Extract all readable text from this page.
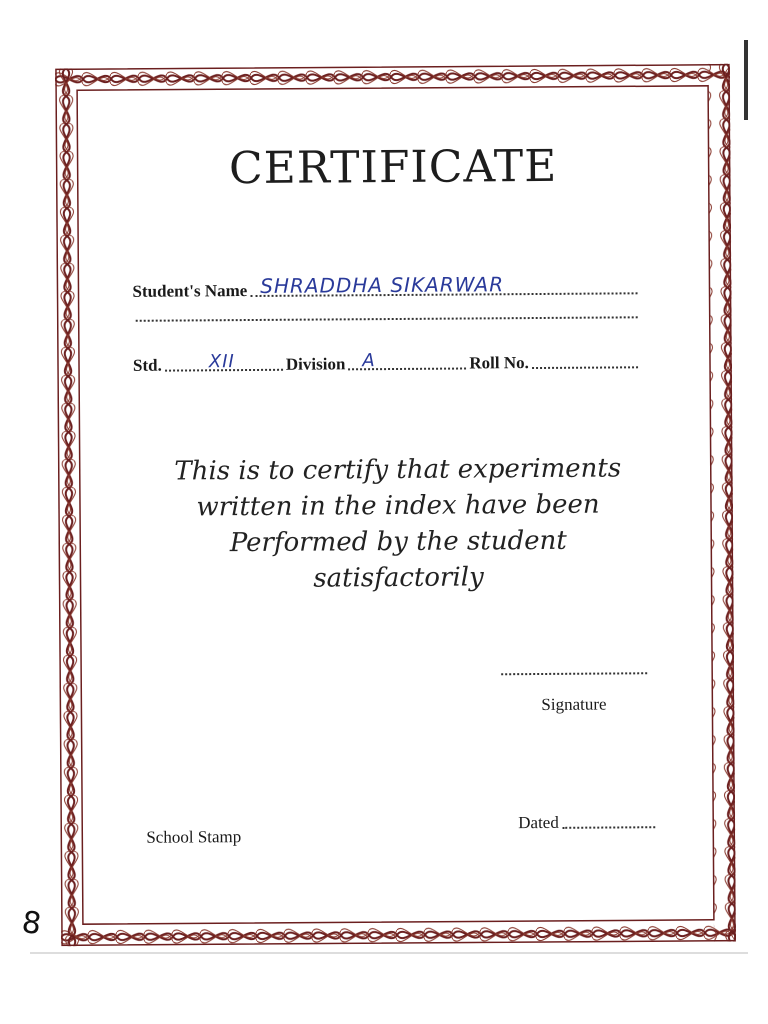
CERTIFICATE
Student's Name SHRADDHA SIKARWAR
Std.	XII	Division A	Roll No.
This is to certify that experiments
written in the index have been
Performed by the student
satisfactorily
Signature
School Stamp
Dated
8
